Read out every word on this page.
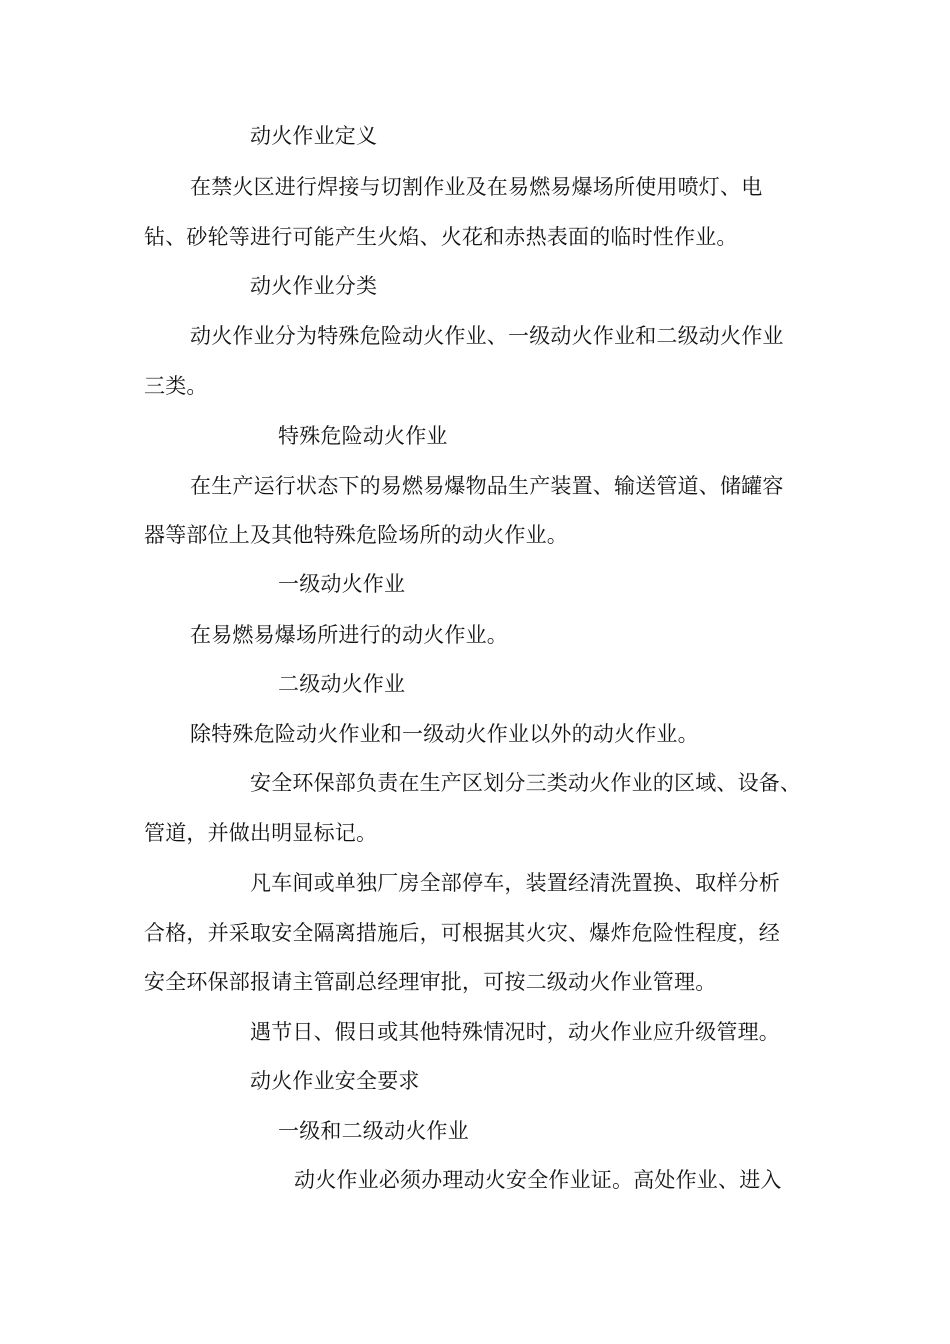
动火作业定义
在禁火区进行焊接与切割作业及在易燃易爆场所使用喷灯、电
钻、砂轮等进行可能产生火焰、火花和赤热表面的临时性作业。
动火作业分类
动火作业分为特殊危险动火作业、一级动火作业和二级动火作业
三类。
特殊危险动火作业
在生产运行状态下的易燃易爆物品生产装置、输送管道、储罐容
器等部位上及其他特殊危险场所的动火作业。
一级动火作业
在易燃易爆场所进行的动火作业。
二级动火作业
除特殊危险动火作业和一级动火作业以外的动火作业。
安全环保部负责在生产区划分三类动火作业的区域、设备、
管道，并做出明显标记。
凡车间或单独厂房全部停车，装置经清洗置换、取样分析
合格，并采取安全隔离措施后，可根据其火灾、爆炸危险性程度，经
安全环保部报请主管副总经理审批，可按二级动火作业管理。
遇节日、假日或其他特殊情况时，动火作业应升级管理。
动火作业安全要求
一级和二级动火作业
动火作业必须办理动火安全作业证。高处作业、进入
